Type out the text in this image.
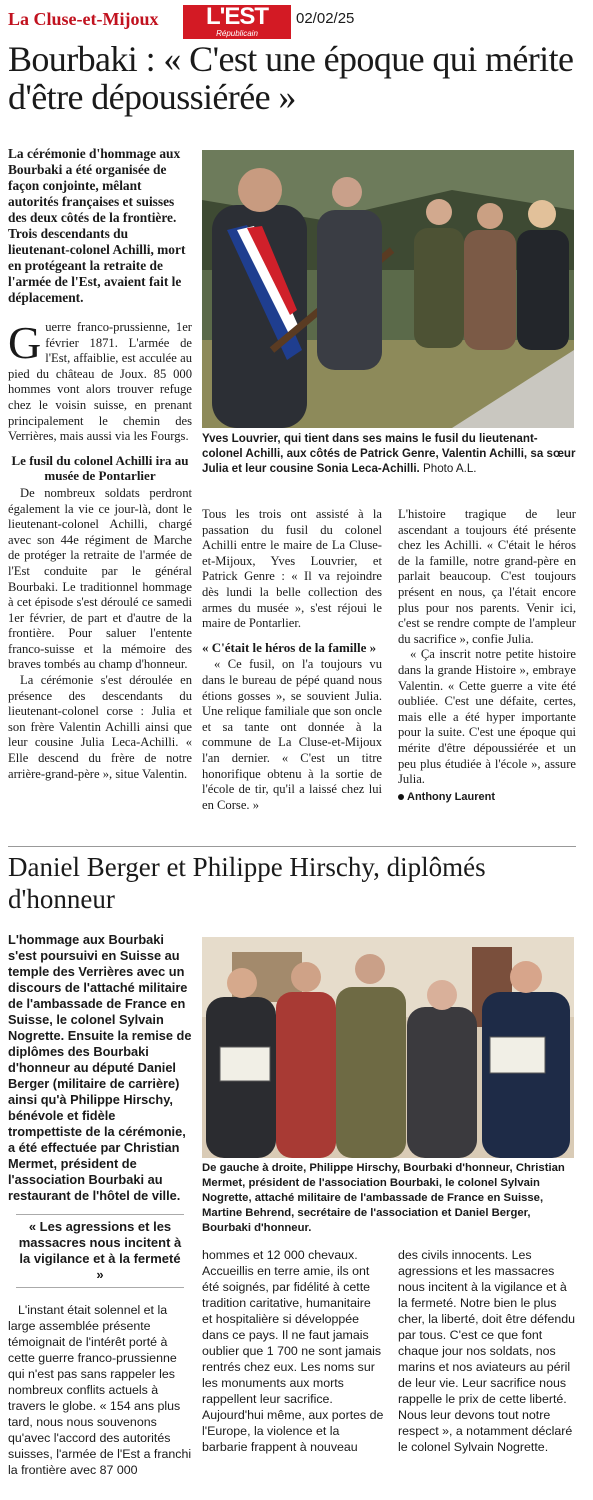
La Cluse-et-Mijoux	L'EST
Républicain
02/02/25
Bourbaki : « C'est une époque qui mérite d'être dépoussiérée »
La cérémonie d'hommage aux Bourbaki a été organisée de façon conjointe, mêlant autorités françaises et suisses des deux côtés de la frontière. Trois descendants du lieutenant-colonel Achilli, mort en protégeant la retraite de l'armée de l'Est, avaient fait le déplacement.

Guerre franco-prussienne, 1er février 1871. L'armée de l'Est, affaiblie, est acculée au pied du château de Joux. 85 000 hommes vont alors trouver refuge chez le voisin suisse, en prenant principalement le chemin des Verrières, mais aussi via les Fourgs.

Le fusil du colonel Achilli ira au musée de Pontarlier

De nombreux soldats perdront également la vie ce jour-là, dont le lieutenant-colonel Achilli, chargé avec son 44e régiment de Marche de protéger la retraite de l'armée de l'Est conduite par le général Bourbaki. Le traditionnel hommage à cet épisode s'est déroulé ce samedi 1er février, de part et d'autre de la frontière. Pour saluer l'entente franco-suisse et la mémoire des braves tombés au champ d'honneur.

La cérémonie s'est déroulée en présence des descendants du lieutenant-colonel corse : Julia et son frère Valentin Achilli ainsi que leur cousine Julia Leca-Achilli. « Elle descend du frère de notre arrière-grand-père », situe Valentin.

Yves Louvrier, qui tient dans ses mains le fusil du lieutenant-colonel Achilli, aux côtés de Patrick Genre, Valentin Achilli, sa sœur Julia et leur cousine Sonia Leca-Achilli. Photo A.L.

Tous les trois ont assisté à la passation du fusil du colonel Achilli entre le maire de La Cluse-et-Mijoux, Yves Louvrier, et Patrick Genre : « Il va rejoindre dès lundi la belle collection des armes du musée », s'est réjoui le maire de Pontarlier.

« C'était le héros de la famille »

« Ce fusil, on l'a toujours vu dans le bureau de pépé quand nous étions gosses », se souvient Julia. Une relique familiale que son oncle et sa tante ont donnée à la commune de La Cluse-et-Mijoux l'an dernier. « C'est un titre honorifique obtenu à la sortie de l'école de tir, qu'il a laissé chez lui en Corse. »

L'histoire tragique de leur ascendant a toujours été présente chez les Achilli. « C'était le héros de la famille, notre grand-père en parlait beaucoup. C'est toujours présent en nous, ça l'était encore plus pour nos parents. Venir ici, c'est se rendre compte de l'ampleur du sacrifice », confie Julia.

« Ça inscrit notre petite histoire dans la grande Histoire », embraye Valentin. « Cette guerre a vite été oubliée. C'est une défaite, certes, mais elle a été hyper importante pour la suite. C'est une époque qui mérite d'être dépoussiérée et un peu plus étudiée à l'école », assure Julia.

Anthony Laurent
Daniel Berger et Philippe Hirschy, diplômés d'honneur
L'hommage aux Bourbaki s'est poursuivi en Suisse au temple des Verrières avec un discours de l'attaché militaire de l'ambassade de France en Suisse, le colonel Sylvain Nogrette. Ensuite la remise de diplômes des Bourbaki d'honneur au député Daniel Berger (militaire de carrière) ainsi qu'à Philippe Hirschy, bénévole et fidèle trompettiste de la cérémonie, a été effectuée par Christian Mermet, président de l'association Bourbaki au restaurant de l'hôtel de ville.
« Les agressions et les massacres nous incitent à la vigilance et à la fermeté »

L'instant était solennel et la large assemblée présente témoignait de l'intérêt porté à cette guerre franco-prussienne qui n'est pas sans rappeler les nombreux conflits actuels à travers le globe. « 154 ans plus tard, nous nous souvenons qu'avec l'accord des autorités suisses, l'armée de l'Est a franchi la frontière avec 87 000

De gauche à droite, Philippe Hirschy, Bourbaki d'honneur, Christian Mermet, président de l'association Bourbaki, le colonel Sylvain Nogrette, attaché militaire de l'ambassade de France en Suisse, Martine Behrend, secrétaire de l'association et Daniel Berger, Bourbaki d'honneur.

hommes et 12 000 chevaux. Accueillis en terre amie, ils ont été soignés, par fidélité à cette tradition caritative, humanitaire et hospitalière si développée dans ce pays. Il ne faut jamais oublier que 1 700 ne sont jamais rentrés chez eux. Les noms sur les monuments aux morts rappellent leur sacrifice. Aujourd'hui même, aux portes de l'Europe, la violence et la barbarie frappent à nouveau

des civils innocents. Les agressions et les massacres nous incitent à la vigilance et à la fermeté. Notre bien le plus cher, la liberté, doit être défendu par tous. C'est ce que font chaque jour nos soldats, nos marins et nos aviateurs au péril de leur vie. Leur sacrifice nous rappelle le prix de cette liberté. Nous leur devons tout notre respect », a notamment déclaré le colonel Sylvain Nogrette.
